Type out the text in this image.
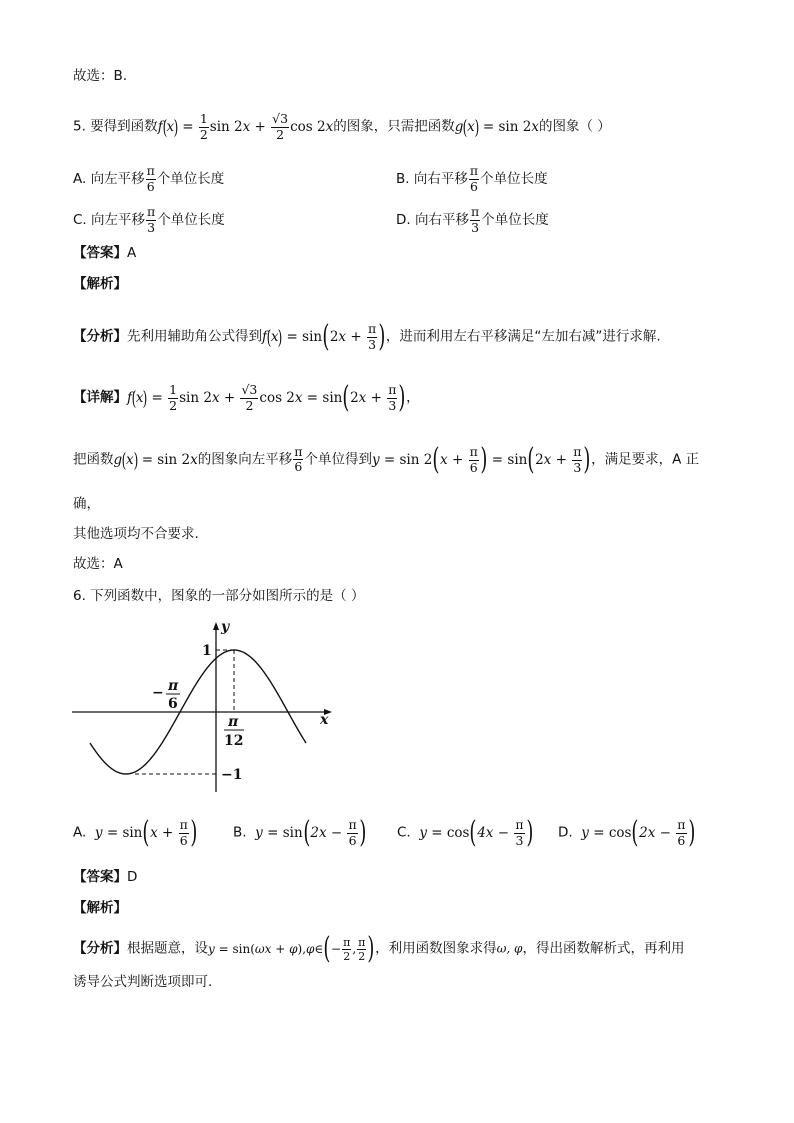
故选：B.
5. 要得到函数$f(x) = \frac{1}{2}$ $\sin 2x + \frac{√3}{2}$ cos 2x的图象，只需把函数g(x) = sin 2x的图象（ ）
A. 向左平移 $\frac{\pi}{6}$ 个单位长度	B. 向右平移 $\frac{\pi}{6}$ 个单位长度
C. 向左平移 $\frac{\pi}{3}$ 个单位长度	D. 向右平移 $\frac{\pi}{3}$ 个单位长度
【答案】A
【解析】
【分析】先利用辅助角公式得到$f(x) = \sin(2x + \frac{\pi}{3}$ )，进而利用左右平移满足“左加右减”进行求解.
【详解】$f(x) = \frac{1}{2}$ $\sin 2x + \frac{√3}{2}$ $\cos 2x = \sin(2x + \frac{\pi}{3}$ )，
把函数g(x) = sin 2x的图象向左平移 $\frac{\pi}{6}$ 个单位得到$y = \sin 2(x + \frac{\pi}{6}$ ) = $\sin(2x + \frac{\pi}{3}$ )，满足要求，A 正
确，
其他选项均不合要求.
故选：A
6. 下列函数中，图象的一部分如图所示的是（ ）
y
x
1
−1
− π
6
π
12
A. $y = \sin(x + \frac{\pi}{6}$ )	B. $y = \sin(2x - \frac{\pi}{6}$ ) C. $y = \cos(4x - \frac{\pi}{3}$ ) D. $y = \cos(2x - \frac{\pi}{6}$ )
【答案】D
【解析】
【分析】根据题意，设y = sin(ωx + φ),φ∈(− $\frac{\pi}{2}$ , $\frac{\pi}{2}$ )，利用函数图象求得ω, φ，得出函数解析式，再利用
诱导公式判断选项即可.
